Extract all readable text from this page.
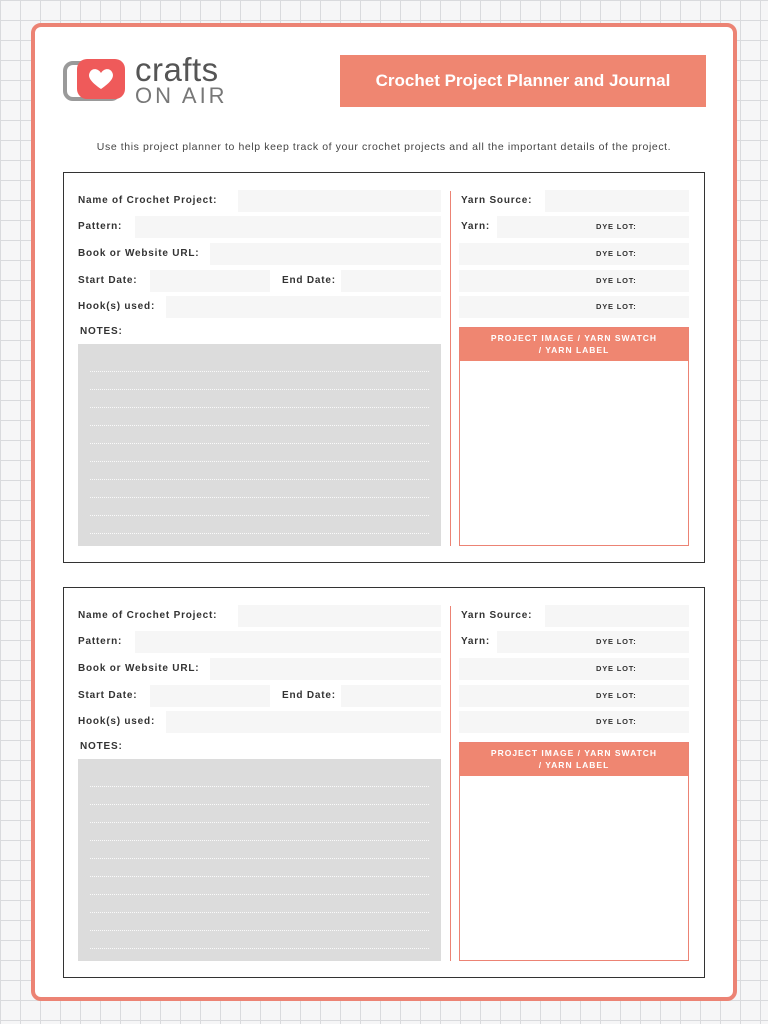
crafts
ON AIR
Crochet Project Planner and Journal
Use this project planner to help keep track of your crochet projects and all the important details of the project.
Name of Crochet Project:
Pattern:
Book or Website URL:
Start Date:	End Date:
Hook(s) used:
NOTES:
Yarn Source:
Yarn:	DYE LOT:
DYE LOT:
DYE LOT:
DYE LOT:
PROJECT IMAGE / YARN SWATCH
/ YARN LABEL
Name of Crochet Project:
Pattern:
Book or Website URL:
Start Date:	End Date:
Hook(s) used:
NOTES:
Yarn Source:
Yarn:	DYE LOT:
DYE LOT:
DYE LOT:
DYE LOT:
PROJECT IMAGE / YARN SWATCH
/ YARN LABEL
